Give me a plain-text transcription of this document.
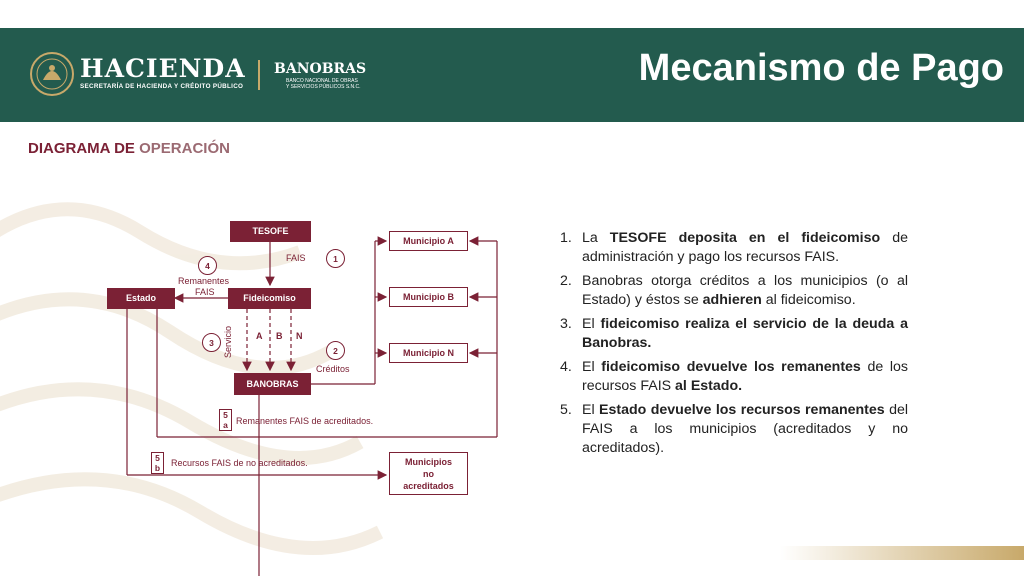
HACIENDA
SECRETARÍA DE HACIENDA Y CRÉDITO PÚBLICO
BANOBRAS
BANCO NACIONAL DE OBRAS
Y SERVICIOS PÚBLICOS S.N.C.	Mecanismo de Pago
DIAGRAMA DE OPERACIÓN
TESOFE
Fideicomiso
Estado
BANOBRAS
Municipio A
Municipio B
Municipio N
Municipios
no
acreditados
1
2
3
4
5
a
5
b
FAIS
Remanentes
FAIS
Servicio	A B N
Créditos
Remanentes FAIS de acreditados.
Recursos FAIS de no acreditados.
1. La TESOFE deposita en el fideicomiso de administración y pago los recursos FAIS.
2. Banobras otorga créditos a los municipios (o al Estado) y éstos se adhieren al fideicomiso.
3. El fideicomiso realiza el servicio de la deuda a Banobras.
4. El fideicomiso devuelve los remanentes de los recursos FAIS al Estado.
5. El Estado devuelve los recursos remanentes del FAIS a los municipios (acreditados y no acreditados).
